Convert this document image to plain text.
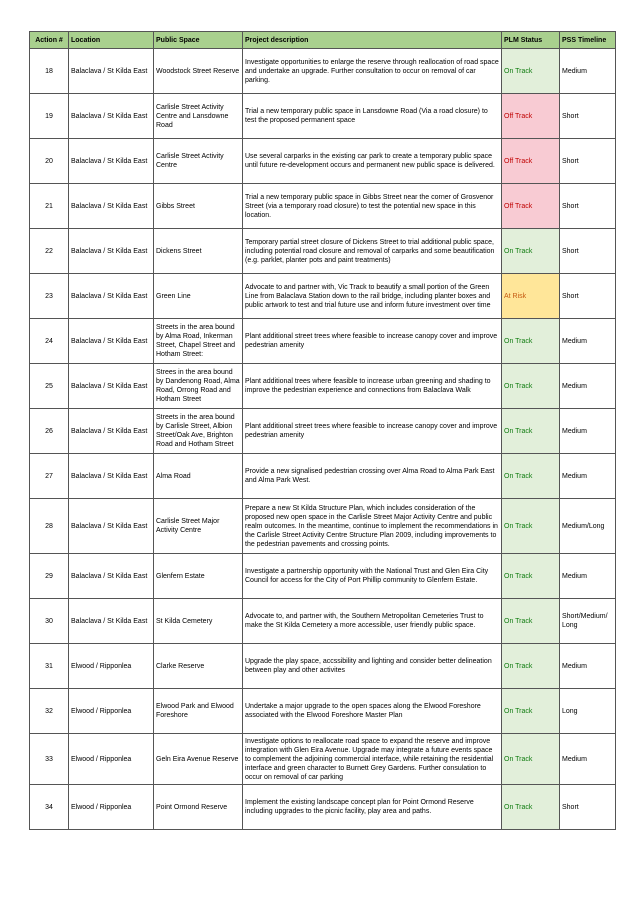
Action #	Location	Public Space	Project description	PLM Status	PSS Timeline
18	Balaclava / St Kilda East	Woodstock Street Reserve	Investigate opportunities to enlarge the reserve through reallocation of road space and undertake an upgrade. Further consultation to occur on removal of car parking.	On Track	Medium
19	Balaclava / St Kilda East	Carlisle Street Activity Centre and Lansdowne Road	Trial a new temporary public space in Lansdowne Road (Via a road closure) to test the proposed permanent space	Off Track	Short
20	Balaclava / St Kilda East	Carlisle Street Activity Centre	Use several carparks in the existing car park to create a temporary public space until future re-development occurs and permanent new public space is delivered.	Off Track	Short
21	Balaclava / St Kilda East	Gibbs Street	Trial a new temporary public space in Gibbs Street near the corner of Grosvenor Street (via a temporary road closure) to test the potential new space in this location.	Off Track	Short
22	Balaclava / St Kilda East	Dickens Street	Temporary partial street closure of Dickens Street to trial additional public space, including potential road closure and removal of carparks and some beautification (e.g. parklet, planter pots and paint treatments)	On Track	Short
23	Balaclava / St Kilda East	Green Line	Advocate to and partner with, Vic Track to beautify a small portion of the Green Line from Balaclava Station down to the rail bridge, including planter boxes and public artwork to test and trial future use and inform future investment over time	At Risk	Short
24	Balaclava / St Kilda East	Streets in the area bound by Alma Road, Inkerman Street, Chapel Street and Hotham Street:	Plant additional street trees where feasible to increase canopy cover and improve pedestrian amenity	On Track	Medium
25	Balaclava / St Kilda East	Strees in the area bound by Dandenong Road, Alma Road, Orrong Road and Hotham Street	Plant additional trees where feasible to increase urban greening and shading to improve the pedestrian experience and connections from Balaclava Walk	On Track	Medium
26	Balaclava / St Kilda East	Streets in the area bound by Carlisle Street, Albion Street/Oak Ave, Brighton Road and Hotham Street	Plant additional street trees where feasible to increase canopy cover and improve pedestrian amenity	On Track	Medium
27	Balaclava / St Kilda East	Alma Road	Provide a new signalised pedestrian crossing over Alma Road to Alma Park East and Alma Park West.	On Track	Medium
28	Balaclava / St Kilda East	Carlisle Street Major Activity Centre	Prepare a new St Kilda Structure Plan, which includes consideration of the proposed new open space in the Carlisle Street Major Activity Centre and public realm outcomes. In the meantime, continue to implement the recommendations in the Carlisle Street Activity Centre Structure Plan 2009, including improvements to the pedestrian pavements and crossing points.	On Track	Medium/Long
29	Balaclava / St Kilda East	Glenfern Estate	Investigate a partnership opportunity with the National Trust and Glen Eira City Council for access for the City of Port Phillip community to Glenfern Estate.	On Track	Medium
30	Balaclava / St Kilda East	St Kilda Cemetery	Advocate to, and partner with, the Southern Metropolitan Cemeteries Trust to make the St Kilda Cemetery a more accessible, user friendly public space.	On Track	Short/Medium/ Long
31	Elwood / Ripponlea	Clarke Reserve	Upgrade the play space, accssibility and lighting and consider better delineation between play and other activites	On Track	Medium
32	Elwood / Ripponlea	Elwood Park and Elwood Foreshore	Undertake a major upgrade to the open spaces along the Elwood Foreshore associated with the Elwood Foreshore Master Plan	On Track	Long
33	Elwood / Ripponlea	Geln Eira Avenue Reserve	Investigate options to reallocate road space to expand the reserve and improve integration with Glen Eira Avenue. Upgrade may integrate a future events space to complement the adjoining commercial interface, while retaining the residential interface and green character to Burnett Grey Gardens. Further consulation to occur on removal of car parking	On Track	Medium
34	Elwood / Ripponlea	Point Ormond Reserve	Implement the existing landscape concept plan for Point Ormond Reserve including upgrades to the picnic facility, play area and paths.	On Track	Short
